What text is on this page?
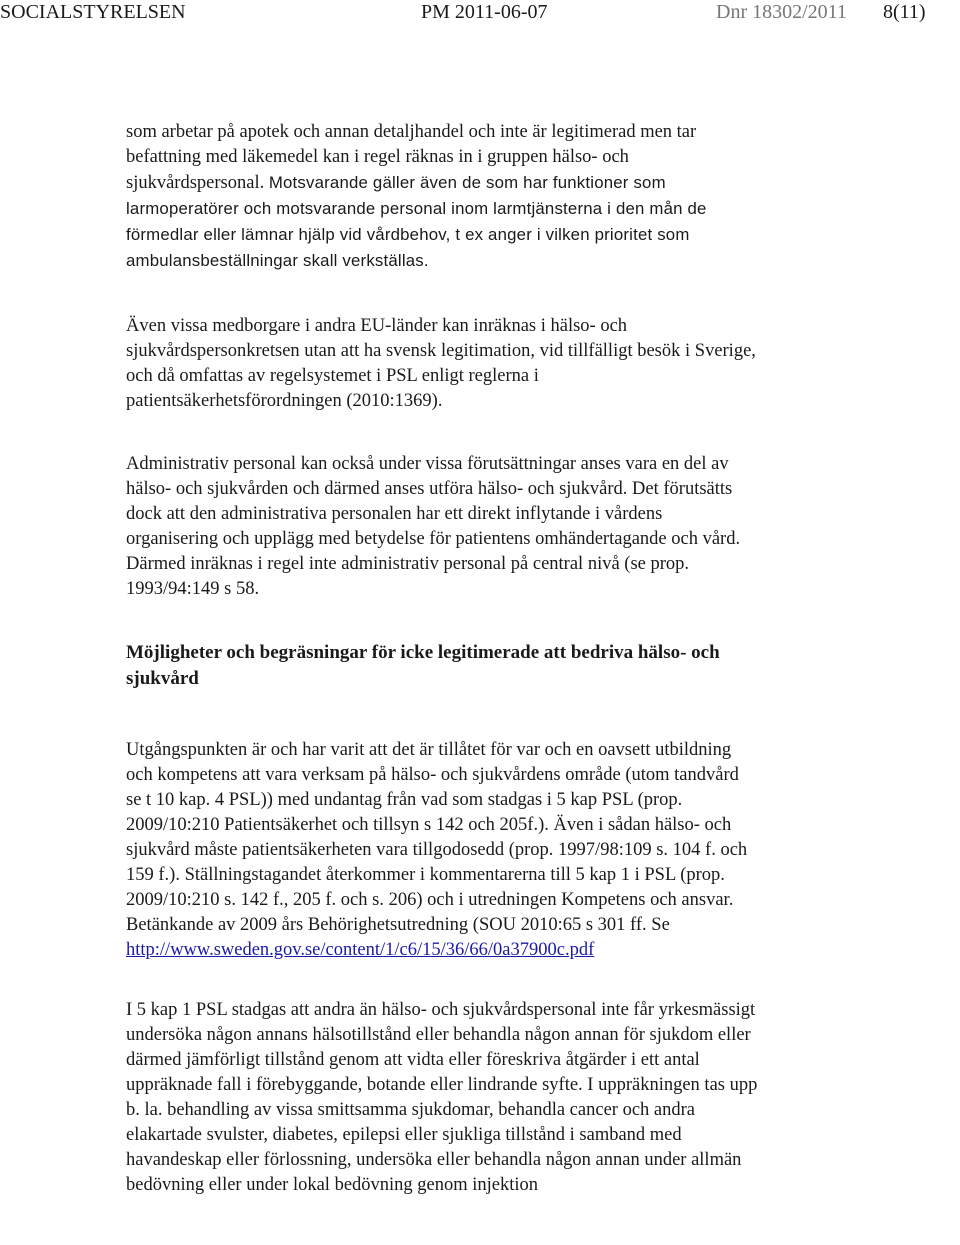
SOCIALSTYRELSEN	PM 2011-06-07	Dnr 18302/2011 8(11)

som arbetar på apotek och annan detaljhandel och inte är legitimerad men tar befattning med läkemedel kan i regel räknas in i gruppen hälso- och sjukvårdspersonal. Motsvarande gäller även de som har funktioner som larmoperatörer och motsvarande personal inom larmtjänsterna i den mån de förmedlar eller lämnar hjälp vid vårdbehov, t ex anger i vilken prioritet som ambulansbeställningar skall verkställas.

Även vissa medborgare i andra EU-länder kan inräknas i hälso- och sjukvårdspersonkretsen utan att ha svensk legitimation, vid tillfälligt besök i Sverige, och då omfattas av regelsystemet i PSL enligt reglerna i patientsäkerhetsförordningen (2010:1369).

Administrativ personal kan också under vissa förutsättningar anses vara en del av hälso- och sjukvården och därmed anses utföra hälso- och sjukvård. Det förutsätts dock att den administrativa personalen har ett direkt inflytande i vårdens organisering och upplägg med betydelse för patientens omhändertagande och vård. Därmed inräknas i regel inte administrativ personal på central nivå (se prop. 1993/94:149 s 58.

Möjligheter och begräsningar för icke legitimerade att bedriva hälso- och sjukvård

Utgångspunkten är och har varit att det är tillåtet för var och en oavsett utbildning och kompetens att vara verksam på hälso- och sjukvårdens område (utom tandvård se t 10 kap. 4 PSL)) med undantag från vad som stadgas i 5 kap PSL (prop. 2009/10:210 Patientsäkerhet och tillsyn s 142 och 205f.). Även i sådan hälso- och sjukvård måste patientsäkerheten vara tillgodosedd (prop. 1997/98:109 s. 104 f. och 159 f.). Ställningstagandet återkommer i kommentarerna till 5 kap 1 i PSL (prop. 2009/10:210 s. 142 f., 205 f. och s. 206) och i utredningen Kompetens och ansvar. Betänkande av 2009 års Behörighetsutredning (SOU 2010:65 s 301 ff. Se http://www.sweden.gov.se/content/1/c6/15/36/66/0a37900c.pdf

I 5 kap 1 PSL stadgas att andra än hälso- och sjukvårdspersonal inte får yrkesmässigt undersöka någon annans hälsotillstånd eller behandla någon annan för sjukdom eller därmed jämförligt tillstånd genom att vidta eller föreskriva åtgärder i ett antal uppräknade fall i förebyggande, botande eller lindrande syfte. I uppräkningen tas upp b. la. behandling av vissa smittsamma sjukdomar, behandla cancer och andra elakartade svulster, diabetes, epilepsi eller sjukliga tillstånd i samband med havandeskap eller förlossning, undersöka eller behandla någon annan under allmän bedövning eller under lokal bedövning genom injektion
